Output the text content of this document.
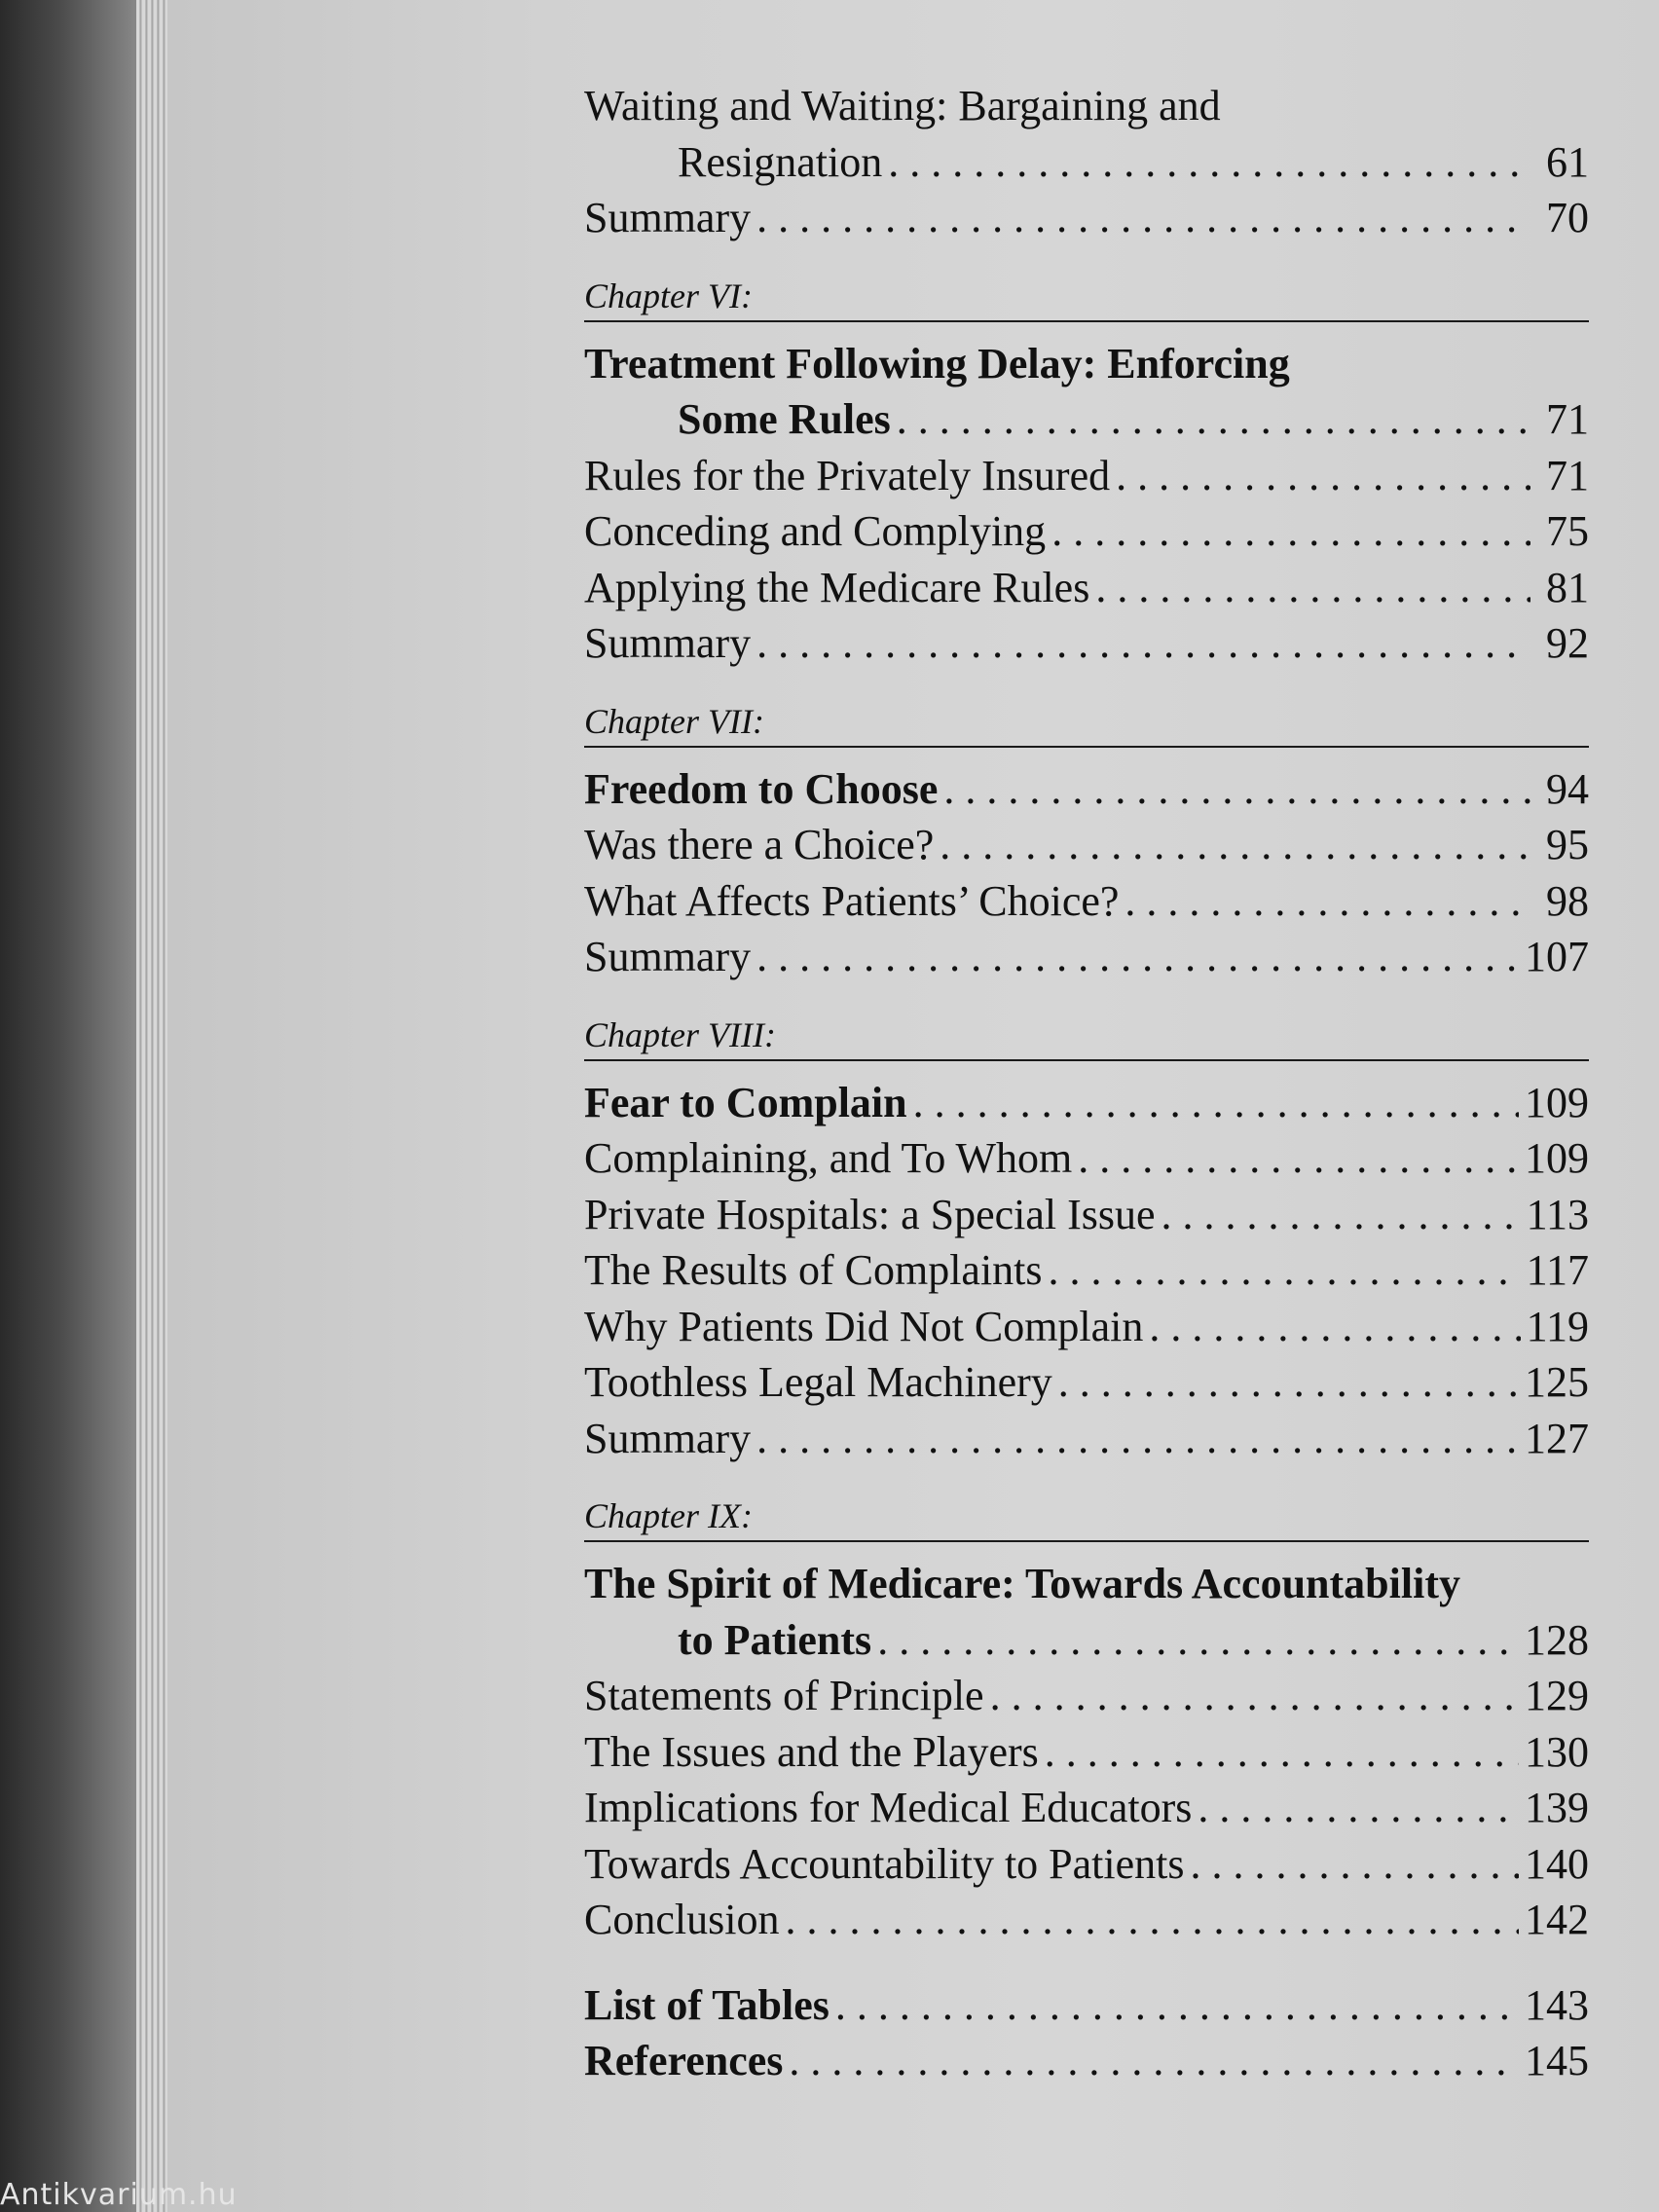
Waiting and Waiting: Bargaining and
Resignation . . .	61
Summary . . .	70
Chapter VI:
Treatment Following Delay: Enforcing
Some Rules . . .	71
Rules for the Privately Insured . . .	71
Conceding and Complying . . .	75
Applying the Medicare Rules . . .	81
Summary . . .	92
Chapter VII:
Freedom to Choose . . .	94
Was there a Choice? . . .	95
What Affects Patients’ Choice? . . .	98
Summary . . .	107
Chapter VIII:
Fear to Complain . . .	109
Complaining, and To Whom . . .	109
Private Hospitals: a Special Issue . . .	113
The Results of Complaints . . .	117
Why Patients Did Not Complain . . .	119
Toothless Legal Machinery . . .	125
Summary . . .	127
Chapter IX:
The Spirit of Medicare: Towards Accountability
to Patients . . .	128
Statements of Principle . . .	129
The Issues and the Players . . .	130
Implications for Medical Educators . . .	139
Towards Accountability to Patients . . .	140
Conclusion . . .	142
List of Tables . . .	143
References . . .	145
Antikvarium.hu
